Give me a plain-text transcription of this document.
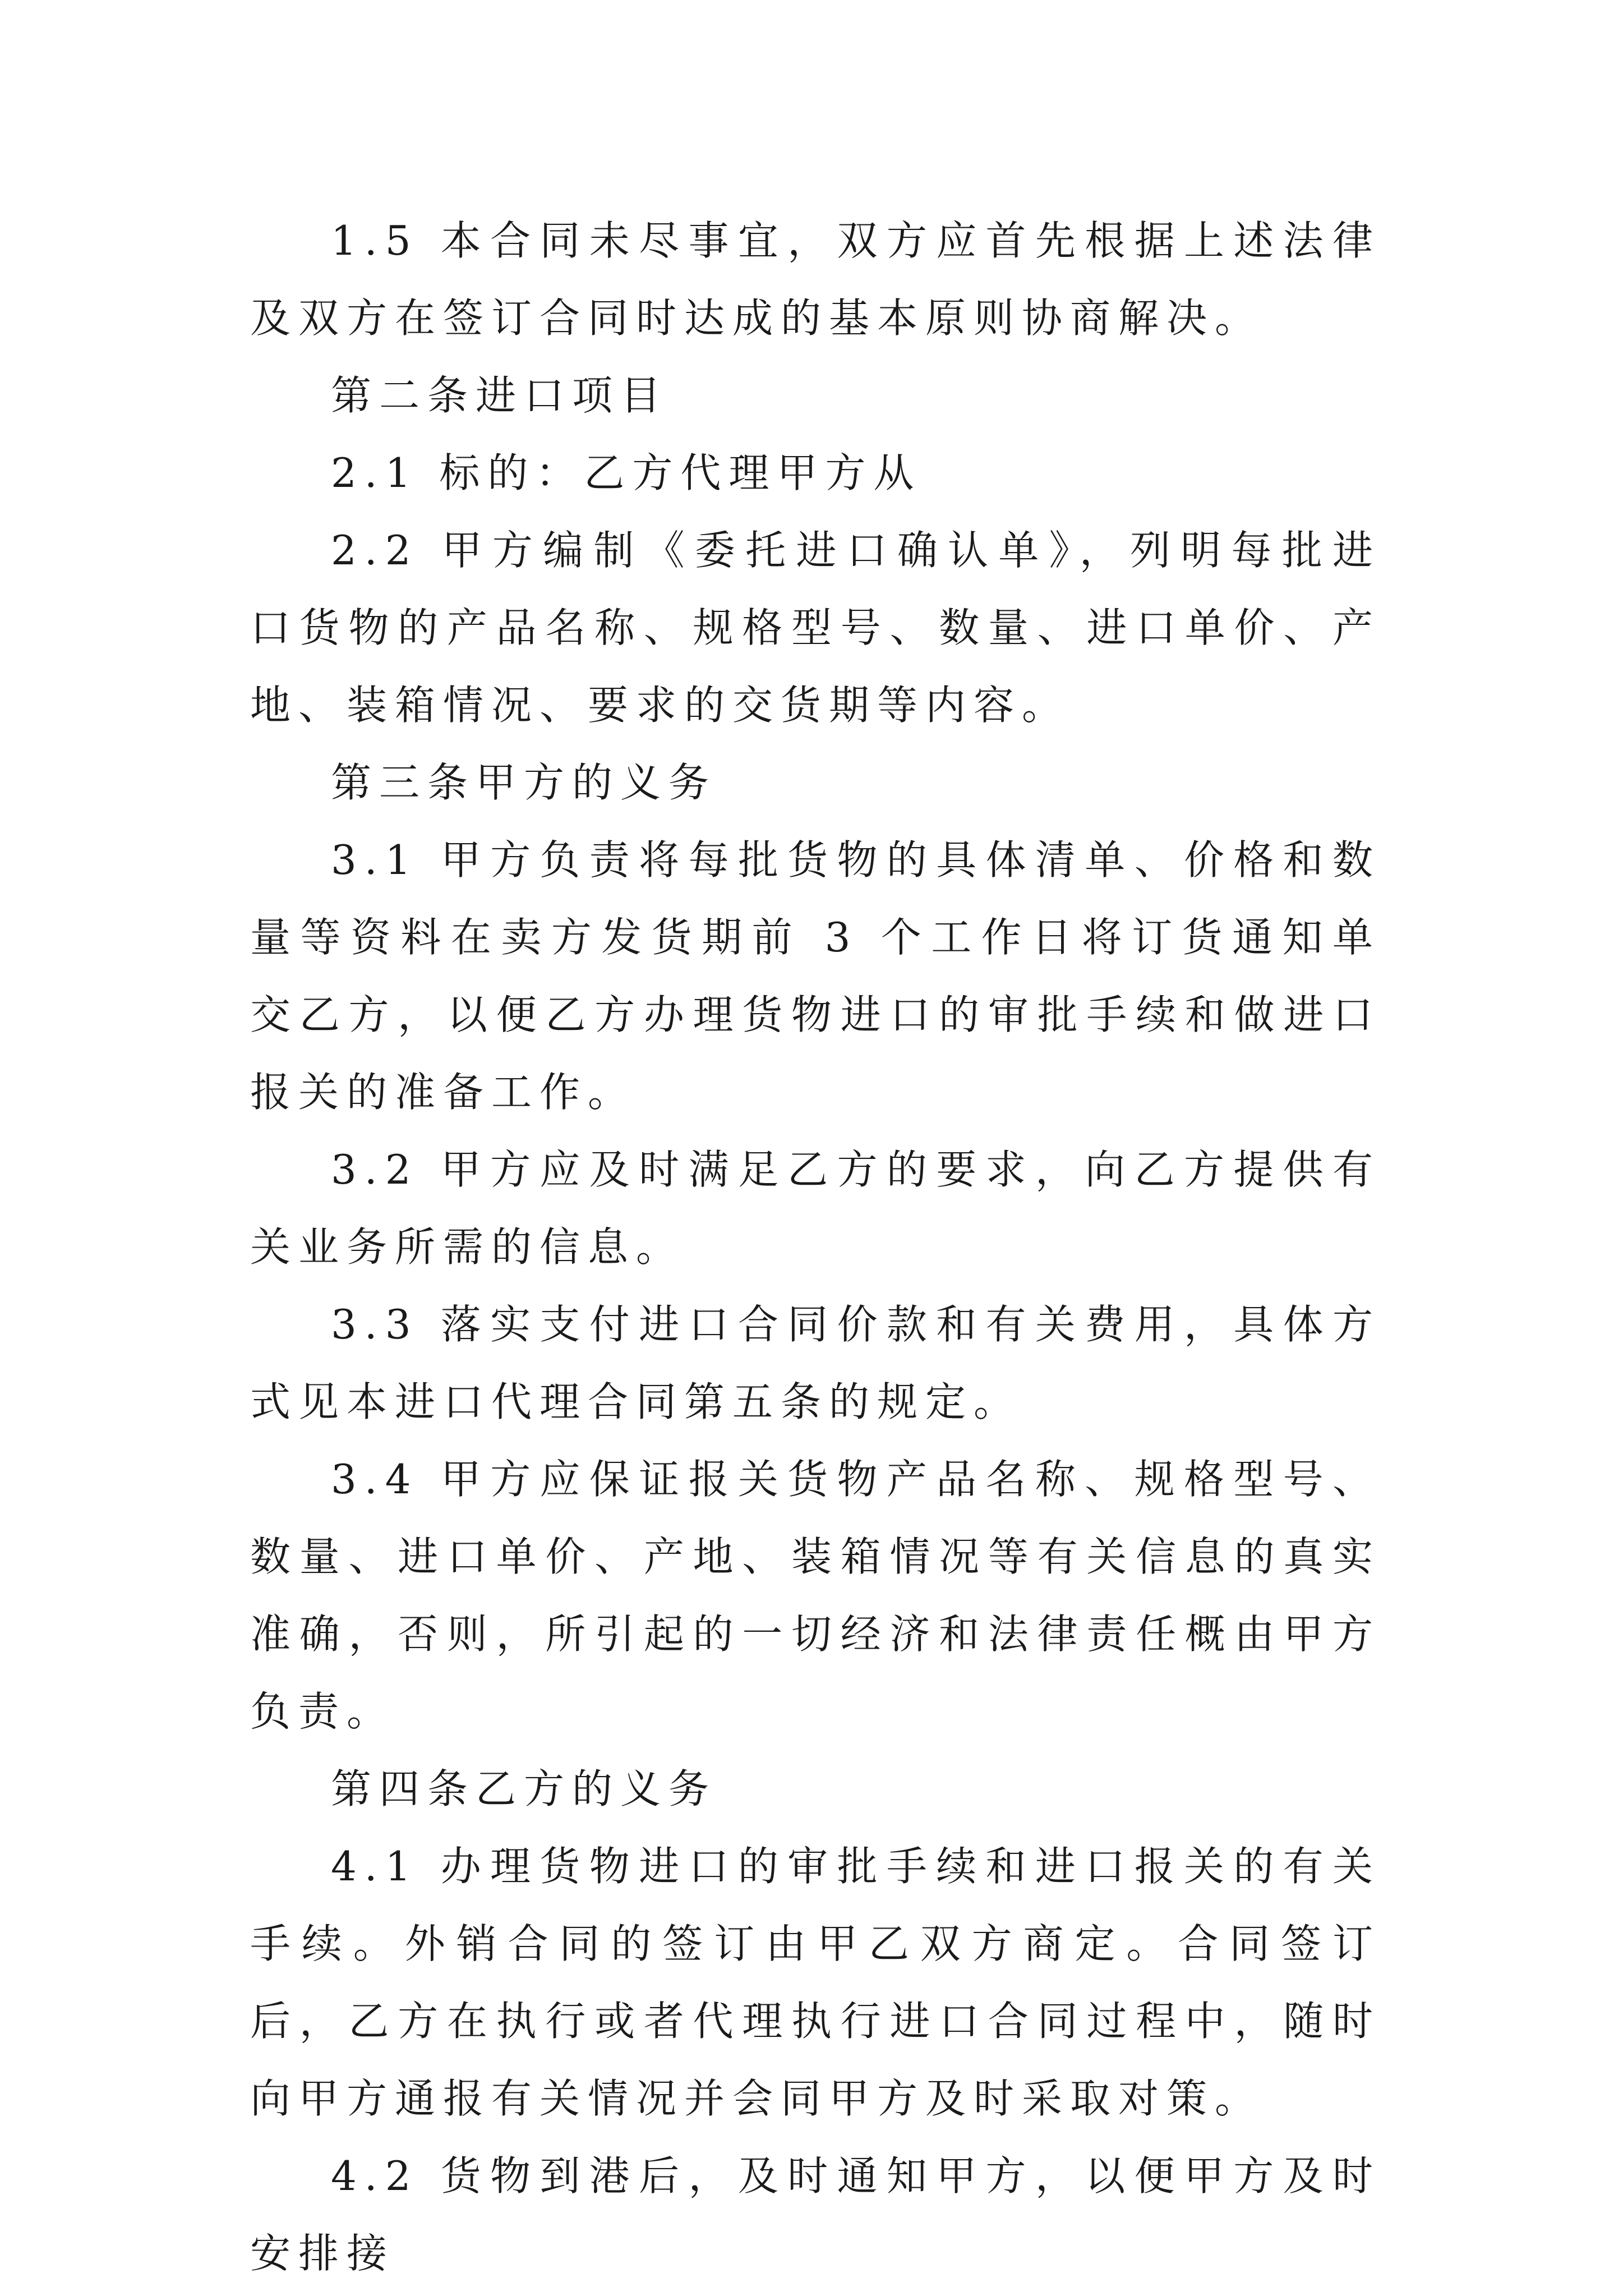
1.5 本合同未尽事宜，双方应首先根据上述法律及双方在签订合同时达成的基本原则协商解决。

第二条进口项目

2.1 标的：乙方代理甲方从

2.2 甲方编制《委托进口确认单》，列明每批进口货物的产品名称、规格型号、数量、进口单价、产地、装箱情况、要求的交货期等内容。

第三条甲方的义务

3.1 甲方负责将每批货物的具体清单、价格和数量等资料在卖方发货期前 3 个工作日将订货通知单交乙方，以便乙方办理货物进口的审批手续和做进口报关的准备工作。

3.2 甲方应及时满足乙方的要求，向乙方提供有关业务所需的信息。

3.3 落实支付进口合同价款和有关费用，具体方式见本进口代理合同第五条的规定。

3.4 甲方应保证报关货物产品名称、规格型号、数量、进口单价、产地、装箱情况等有关信息的真实准确，否则，所引起的一切经济和法律责任概由甲方负责。

第四条乙方的义务

4.1 办理货物进口的审批手续和进口报关的有关手续。外销合同的签订由甲乙双方商定。合同签订后，乙方在执行或者代理执行进口合同过程中，随时向甲方通报有关情况并会同甲方及时采取对策。

4.2 货物到港后，及时通知甲方，以便甲方及时安排接
